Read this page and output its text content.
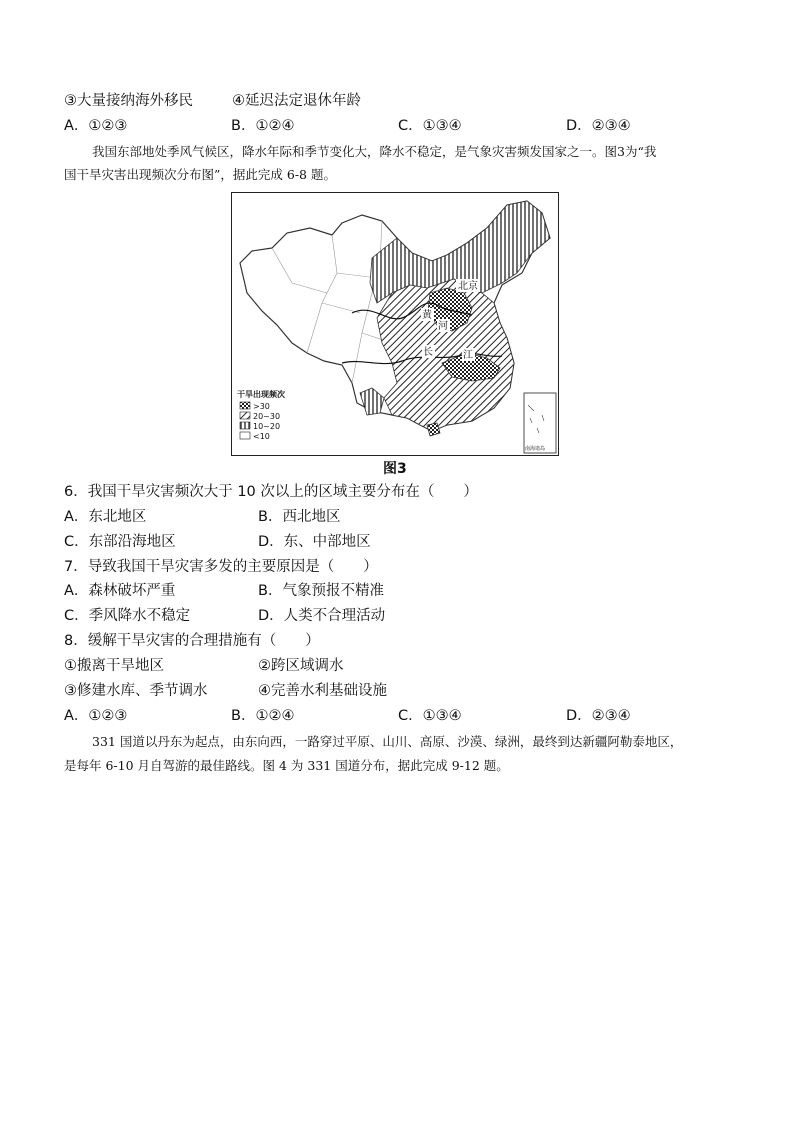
③大量接纳海外移民	④延迟法定退休年龄
A．①②③	B．①②④	C．①③④	D．②③④
我国东部地处季风气候区，降水年际和季节变化大，降水不稳定，是气象灾害频发国家之一。图3为“我
国干旱灾害出现频次分布图”，据此完成 6-8 题。
北京
黄
河
长	江
干旱出现频次
>30
20~30
10~20
<10
南海诸岛
图3
6．我国干旱灾害频次大于 10 次以上的区域主要分布在（　　）
A．东北地区	B．西北地区
C．东部沿海地区	D．东、中部地区
7．导致我国干旱灾害多发的主要原因是（　　）
A．森林破坏严重	B．气象预报不精准
C．季风降水不稳定	D．人类不合理活动
8．缓解干旱灾害的合理措施有（　　）
①搬离干旱地区	②跨区域调水
③修建水库、季节调水	④完善水利基础设施
A．①②③	B．①②④	C．①③④	D．②③④
331 国道以丹东为起点，由东向西，一路穿过平原、山川、高原、沙漠、绿洲，最终到达新疆阿勒泰地区，
是每年 6-10 月自驾游的最佳路线。图 4 为 331 国道分布，据此完成 9-12 题。
